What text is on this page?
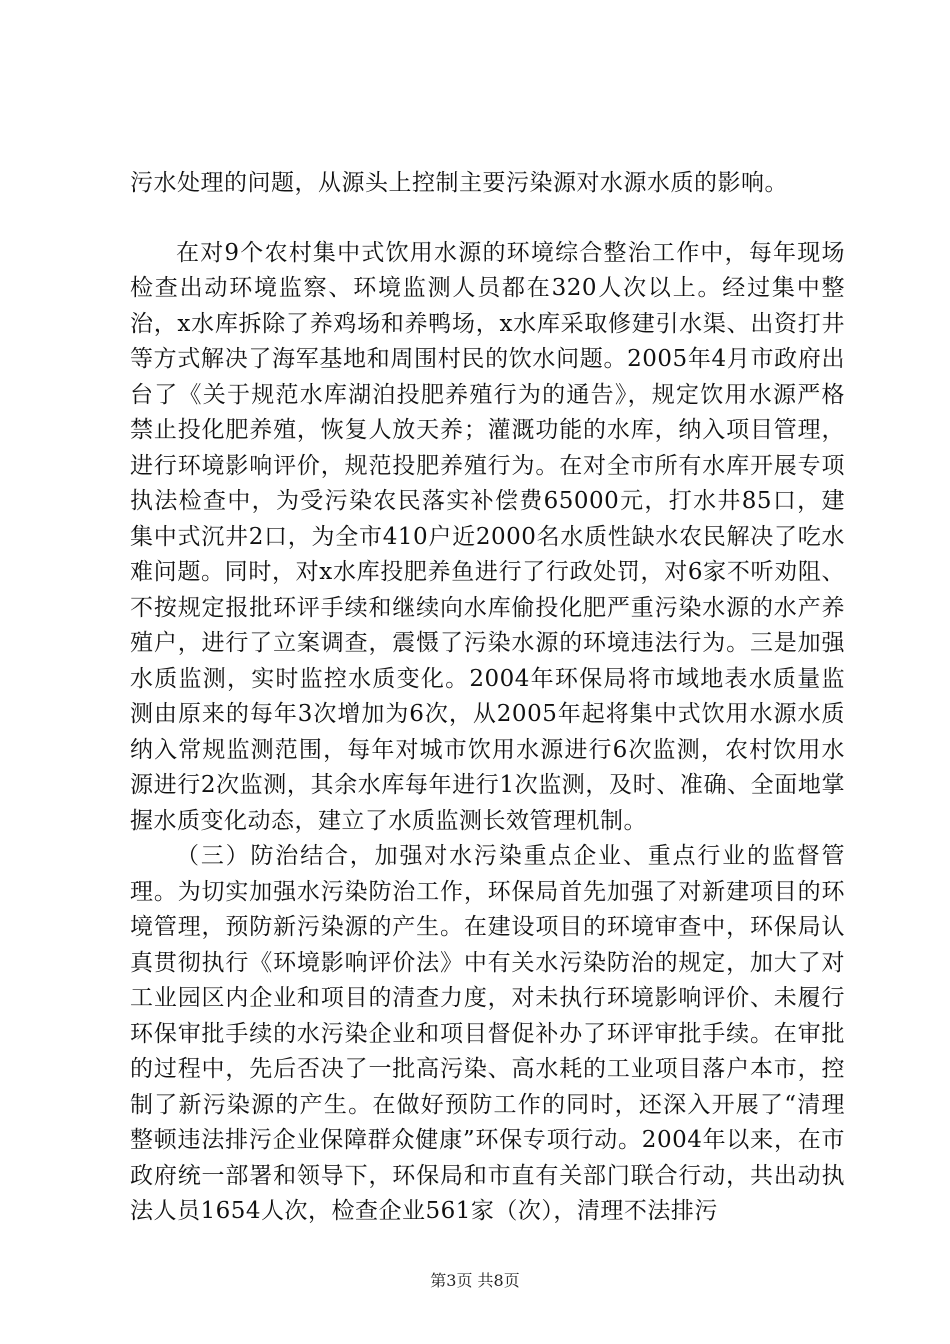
污水处理的问题，从源头上控制主要污染源对水源水质的影响。

在对9个农村集中式饮用水源的环境综合整治工作中，每年现场检查出动环境监察、环境监测人员都在320人次以上。经过集中整治，x水库拆除了养鸡场和养鸭场，x水库采取修建引水渠、出资打井等方式解决了海军基地和周围村民的饮水问题。2005年4月市政府出台了《关于规范水库湖泊投肥养殖行为的通告》，规定饮用水源严格禁止投化肥养殖，恢复人放天养；灌溉功能的水库，纳入项目管理，进行环境影响评价，规范投肥养殖行为。在对全市所有水库开展专项执法检查中，为受污染农民落实补偿费65000元，打水井85口，建集中式沉井2口，为全市410户近2000名水质性缺水农民解决了吃水难问题。同时，对x水库投肥养鱼进行了行政处罚，对6家不听劝阻、不按规定报批环评手续和继续向水库偷投化肥严重污染水源的水产养殖户，进行了立案调查，震慑了污染水源的环境违法行为。三是加强水质监测，实时监控水质变化。2004年环保局将市域地表水质量监测由原来的每年3次增加为6次，从2005年起将集中式饮用水源水质纳入常规监测范围，每年对城市饮用水源进行6次监测，农村饮用水源进行2次监测，其余水库每年进行1次监测，及时、准确、全面地掌握水质变化动态，建立了水质监测长效管理机制。

（三）防治结合，加强对水污染重点企业、重点行业的监督管理。为切实加强水污染防治工作，环保局首先加强了对新建项目的环境管理，预防新污染源的产生。在建设项目的环境审查中，环保局认真贯彻执行《环境影响评价法》中有关水污染防治的规定，加大了对工业园区内企业和项目的清查力度，对未执行环境影响评价、未履行环保审批手续的水污染企业和项目督促补办了环评审批手续。在审批的过程中，先后否决了一批高污染、高水耗的工业项目落户本市，控制了新污染源的产生。在做好预防工作的同时，还深入开展了“清理整顿违法排污企业保障群众健康”环保专项行动。2004年以来，在市政府统一部署和领导下，环保局和市直有关部门联合行动，共出动执法人员1654人次，检查企业561家（次），清理不法排污

第3页 共8页
